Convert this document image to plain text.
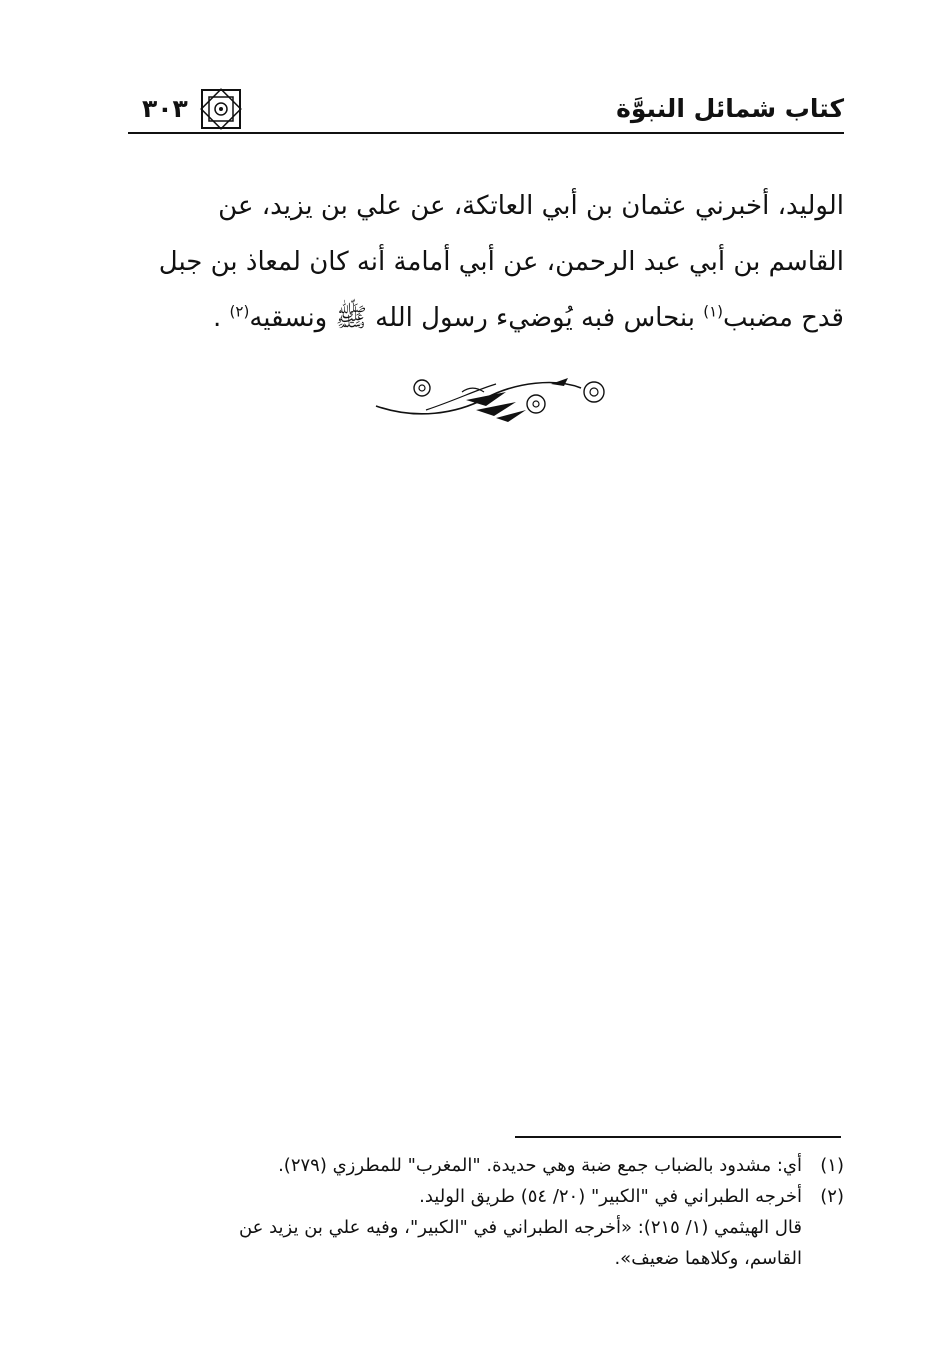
كتاب شمائل النبوَّة
٣٠٣
الوليد، أخبرني عثمان بن أبي العاتكة، عن علي بن يزيد، عن
القاسم بن أبي عبد الرحمن، عن أبي أمامة أنه كان لمعاذ بن جبل
قدح مضبب$^{(١)}$ بنحاس فبه يُوضيء رسول الله ﷺ ونسقيه$^{(٢)}$ .
(١)
أي: مشدود بالضباب جمع ضبة وهي حديدة. "المغرب" للمطرزي (٢٧٩).
(٢)
أخرجه الطبراني في "الكبير" (٢٠/ ٥٤) طريق الوليد.
قال الهيثمي (١/ ٢١٥): «أخرجه الطبراني في "الكبير"، وفيه علي بن يزيد عن
القاسم، وكلاهما ضعيف».
